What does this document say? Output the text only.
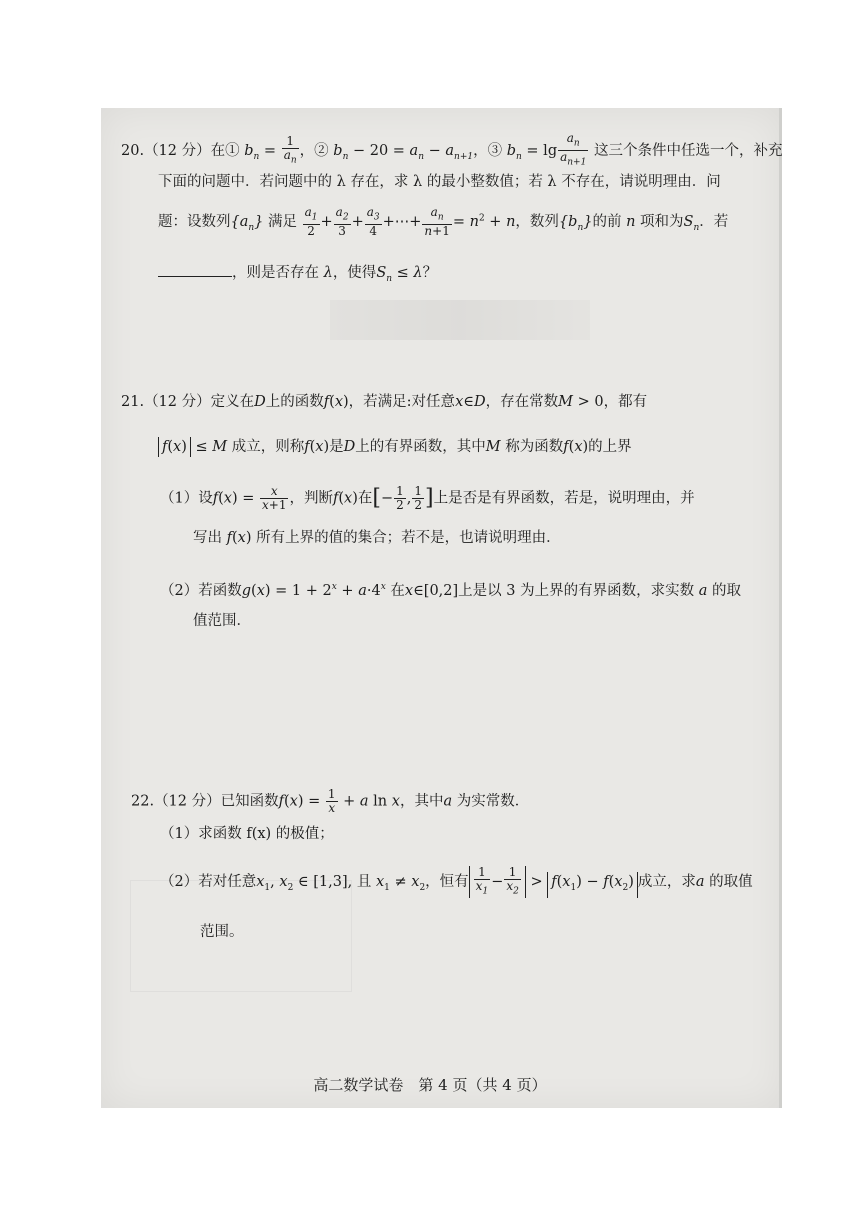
20.（12 分）在① $b_n = \frac{1}{a_n}$ ，② $b_n - 20 = a_n - a_{n+1}$，③ $b_n = \lg \frac{a_n}{a_{n+1}}$ 这三个条件中任选一个，补充
下面的问题中．若问题中的 λ 存在，求 λ 的最小整数值；若 λ 不存在，请说明理由．问
题：设数列$\{a_n\}$ 满足 $\frac{a_1}{2} + \frac{a_2}{3} + \frac{a_3}{4}$ +⋯+ $\frac{a_n}{n+1} = n^2 + n$，数列$\{b_n\}$的前 n 项和为$S_n$．若
，则是否存在 λ，使得$S_n \le \lambda$？
21.（12 分）定义在D上的函数f(x)，若满足:对任意x∈D，存在常数M > 0，都有
f(x) ≤ M 成立，则称f(x)是D上的有界函数，其中M 称为函数f(x)的上界
（1）设$f(x) = \frac{x}{x+1}$ ，判断f(x)在[− $\frac{1}{2}$ , $\frac{1}{2}$ ]上是否是有界函数，若是，说明理由，并
写出 f(x) 所有上界的值的集合；若不是，也请说明理由．
（2）若函数$g(x) = 1 + 2^x + a\cdot 4^x$ 在x∈[0,2]上是以 3 为上界的有界函数，求实数 a 的取
值范围．
22.（12 分）已知函数$f(x) = \frac{1}{x} + a$ ln x，其中a 为实常数．
（1）求函数 f(x) 的极值；
（2）若对任意$x_1$, $x_2$ ∈ [1,3], 且 $x_1 \ne x_2$，恒有 $\frac{1}{x_1} - \frac{1}{x_2} > f(x_1) - f(x_2)$ 成立，求a 的取值
范围。
高二数学试卷　第 4 页（共 4 页）
